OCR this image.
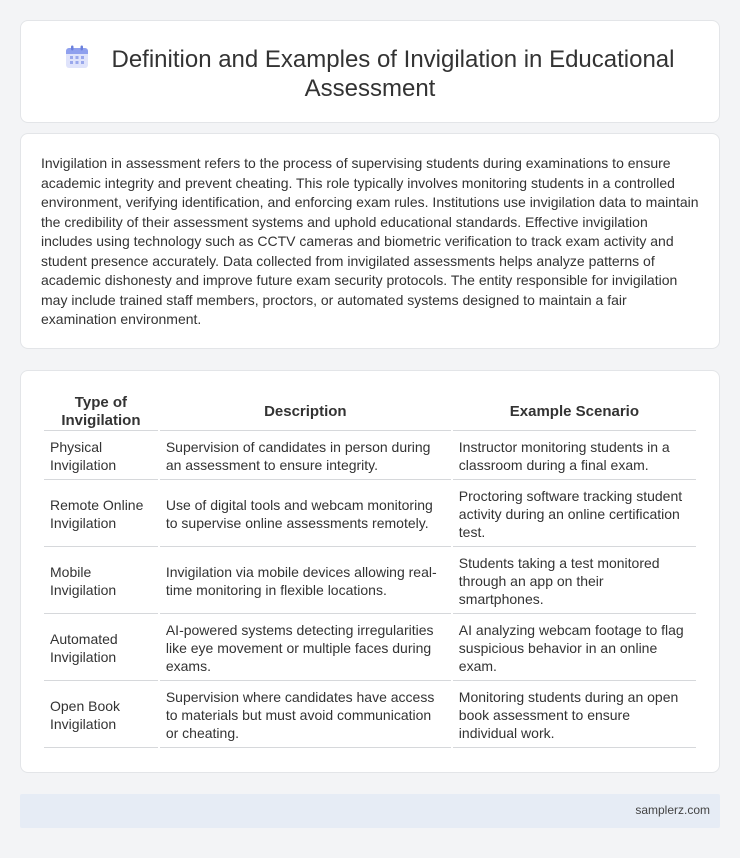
Definition and Examples of Invigilation in Educational
Assessment

Invigilation in assessment refers to the process of supervising students during examinations to ensure academic integrity and prevent cheating. This role typically involves monitoring students in a controlled environment, verifying identification, and enforcing exam rules. Institutions use invigilation data to maintain the credibility of their assessment systems and uphold educational standards. Effective invigilation includes using technology such as CCTV cameras and biometric verification to track exam activity and student presence accurately. Data collected from invigilated assessments helps analyze patterns of academic dishonesty and improve future exam security protocols. The entity responsible for invigilation may include trained staff members, proctors, or automated systems designed to maintain a fair examination environment.

Type of Invigilation	Description	Example Scenario
Physical Invigilation	Supervision of candidates in person during an assessment to ensure integrity.	Instructor monitoring students in a classroom during a final exam.
Remote Online Invigilation	Use of digital tools and webcam monitoring to supervise online assessments remotely.	Proctoring software tracking student activity during an online certification test.
Mobile Invigilation	Invigilation via mobile devices allowing real-time monitoring in flexible locations.	Students taking a test monitored through an app on their smartphones.
Automated Invigilation	AI-powered systems detecting irregularities like eye movement or multiple faces during exams.	AI analyzing webcam footage to flag suspicious behavior in an online exam.
Open Book Invigilation	Supervision where candidates have access to materials but must avoid communication or cheating.	Monitoring students during an open book assessment to ensure individual work.
samplerz.com
